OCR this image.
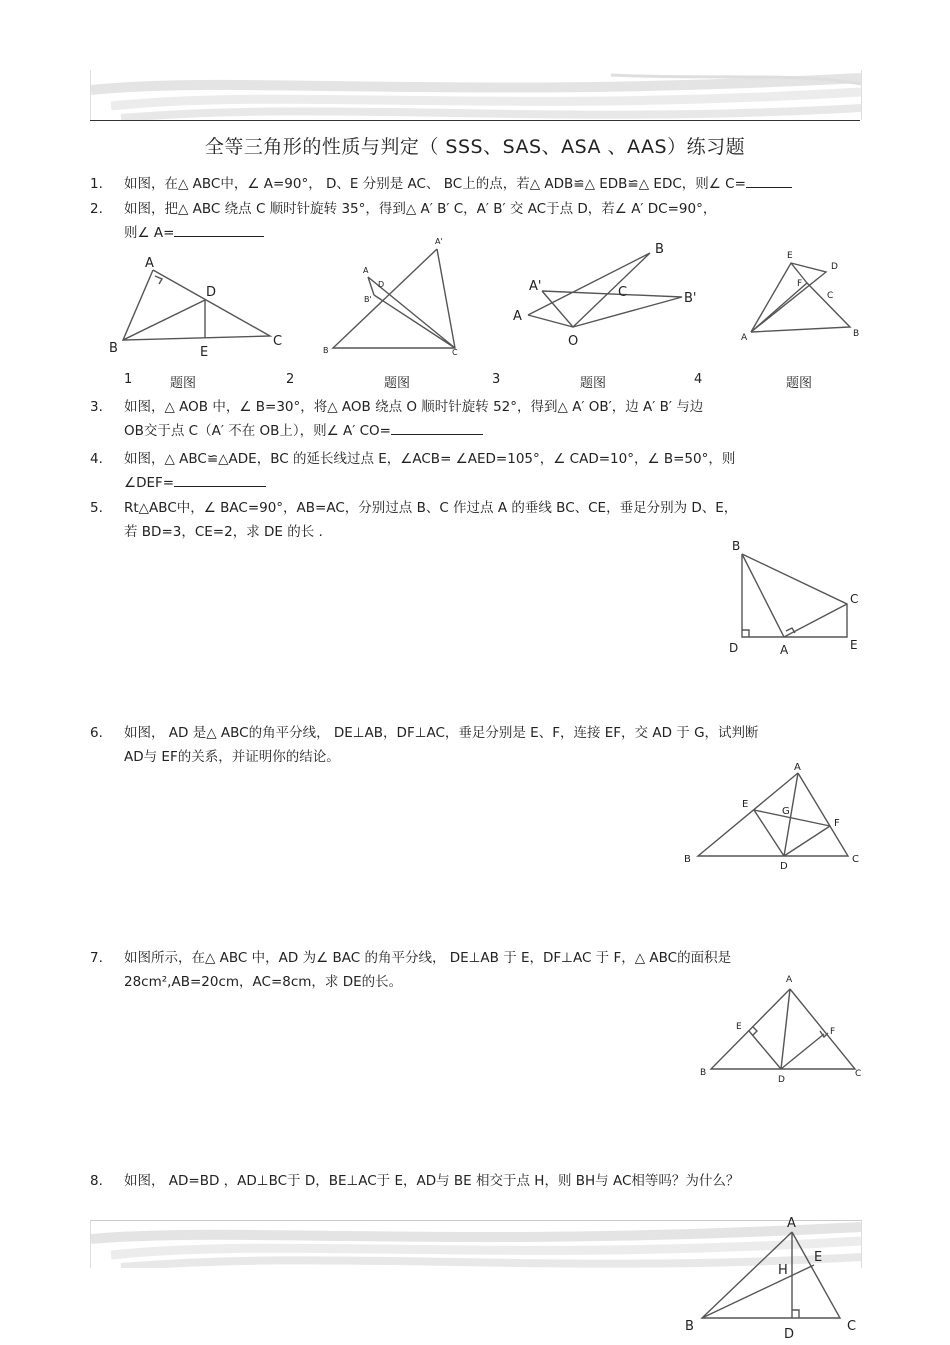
全等三角形的性质与判定（ SSS、SAS、ASA 、AAS）练习题
1. 如图，在△ ABC中，∠ A=90°， D、E 分别是 AC、 BC上的点，若△ ADB≌△ EDB≌△ EDC，则∠ C=
2. 如图，把△ ABC 绕点 C 顺时针旋转 35°，得到△ A′ B′ C，A′ B′ 交 AC于点 D，若∠ A′ DC=90°，
则∠ A=
A
B	C
D
E
A'
A
D
B'
B	C
B
A'	C	B'
A
O
E
D
F
C
A	B
1	题图	2	题图	3	题图	4	题图
3. 如图，△ AOB 中，∠ B=30°，将△ AOB 绕点 O 顺时针旋转 52°，得到△ A′ OB′，边 A′ B′ 与边
OB交于点 C（A′ 不在 OB上），则∠ A′ CO=
4. 如图，△ ABC≌△ADE，BC 的延长线过点 E，∠ACB= ∠AED=105°，∠ CAD=10°，∠ B=50°，则
∠DEF=
5. Rt△ABC中，∠ BAC=90°，AB=AC，分别过点 B、C 作过点 A 的垂线 BC、CE，垂足分别为 D、E，
若 BD=3，CE=2，求 DE 的长 .
B
C
D	A	E
6. 如图， AD 是△ ABC的角平分线， DE⊥AB，DF⊥AC，垂足分别是 E、F，连接 EF，交 AD 于 G，试判断
AD与 EF的关系，并证明你的结论。
A
E
G
F
B
D
C
7. 如图所示，在△ ABC 中，AD 为∠ BAC 的角平分线， DE⊥AB 于 E，DF⊥AC 于 F，△ ABC的面积是
28cm²,AB=20cm，AC=8cm，求 DE的长。	A
E	F
B
D
C
8. 如图， AD=BD ，AD⊥BC于 D，BE⊥AC于 E，AD与 BE 相交于点 H，则 BH与 AC相等吗？为什么？
A
E
H
B
D
C
